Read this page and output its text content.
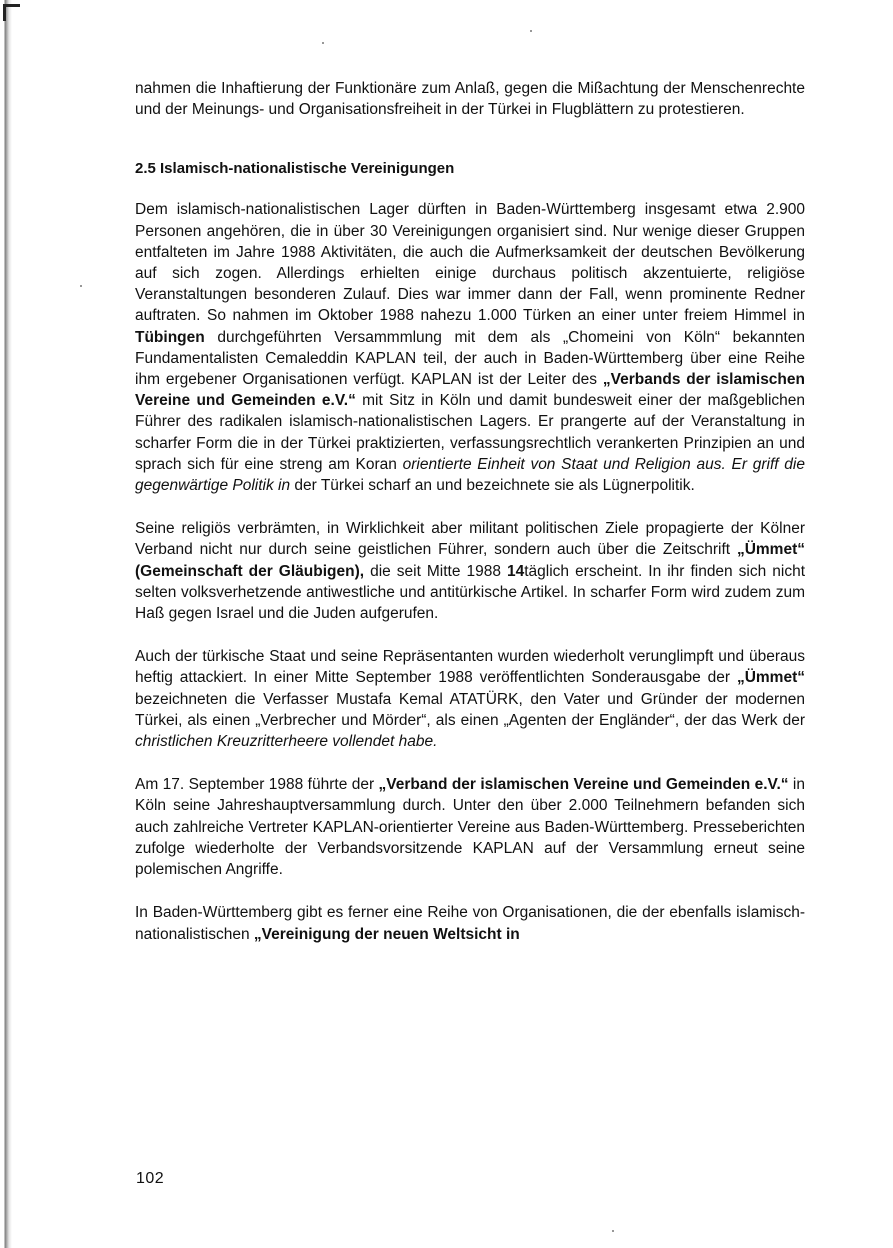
nahmen die Inhaftierung der Funktionäre zum Anlaß, gegen die Mißachtung der Menschenrechte und der Meinungs- und Organisationsfreiheit in der Türkei in Flugblättern zu protestieren.

2.5 Islamisch-nationalistische Vereinigungen

Dem islamisch-nationalistischen Lager dürften in Baden-Württemberg insgesamt etwa 2.900 Personen angehören, die in über 30 Vereinigungen organisiert sind. Nur wenige dieser Gruppen entfalteten im Jahre 1988 Aktivitäten, die auch die Aufmerksamkeit der deutschen Bevölkerung auf sich zogen. Allerdings erhielten einige durchaus politisch akzentuierte, religiöse Veranstaltungen besonderen Zulauf. Dies war immer dann der Fall, wenn prominente Redner auftraten. So nahmen im Oktober 1988 nahezu 1.000 Türken an einer unter freiem Himmel in Tübingen durchgeführten Versammmlung mit dem als „Chomeini von Köln“ bekannten Fundamentalisten Cemaleddin KAPLAN teil, der auch in Baden-Württemberg über eine Reihe ihm ergebener Organisationen verfügt. KAPLAN ist der Leiter des „Verbands der islamischen Vereine und Gemeinden e.V.“ mit Sitz in Köln und damit bundesweit einer der maßgeblichen Führer des radikalen islamisch-nationalistischen Lagers. Er prangerte auf der Veranstaltung in scharfer Form die in der Türkei praktizierten, verfassungsrechtlich verankerten Prinzipien an und sprach sich für eine streng am Koran orientierte Einheit von Staat und Religion aus. Er griff die gegenwärtige Politik in der Türkei scharf an und bezeichnete sie als Lügnerpolitik.

Seine religiös verbrämten, in Wirklichkeit aber militant politischen Ziele propagierte der Kölner Verband nicht nur durch seine geistlichen Führer, sondern auch über die Zeitschrift „Ümmet“ (Gemeinschaft der Gläubigen), die seit Mitte 1988 14täglich erscheint. In ihr finden sich nicht selten volksverhetzende antiwestliche und antitürkische Artikel. In scharfer Form wird zudem zum Haß gegen Israel und die Juden aufgerufen.

Auch der türkische Staat und seine Repräsentanten wurden wiederholt verunglimpft und überaus heftig attackiert. In einer Mitte September 1988 veröffentlichten Sonderausgabe der „Ümmet“ bezeichneten die Verfasser Mustafa Kemal ATATÜRK, den Vater und Gründer der modernen Türkei, als einen „Verbrecher und Mörder“, als einen „Agenten der Engländer“, der das Werk der christlichen Kreuzritterheere vollendet habe.

Am 17. September 1988 führte der „Verband der islamischen Vereine und Gemeinden e.V.“ in Köln seine Jahreshauptversammlung durch. Unter den über 2.000 Teilnehmern befanden sich auch zahlreiche Vertreter KAPLAN-orientierter Vereine aus Baden-Württemberg. Presseberichten zufolge wiederholte der Verbandsvorsitzende KAPLAN auf der Versammlung erneut seine polemischen Angriffe.

In Baden-Württemberg gibt es ferner eine Reihe von Organisationen, die der ebenfalls islamisch-nationalistischen „Vereinigung der neuen Weltsicht in

102
